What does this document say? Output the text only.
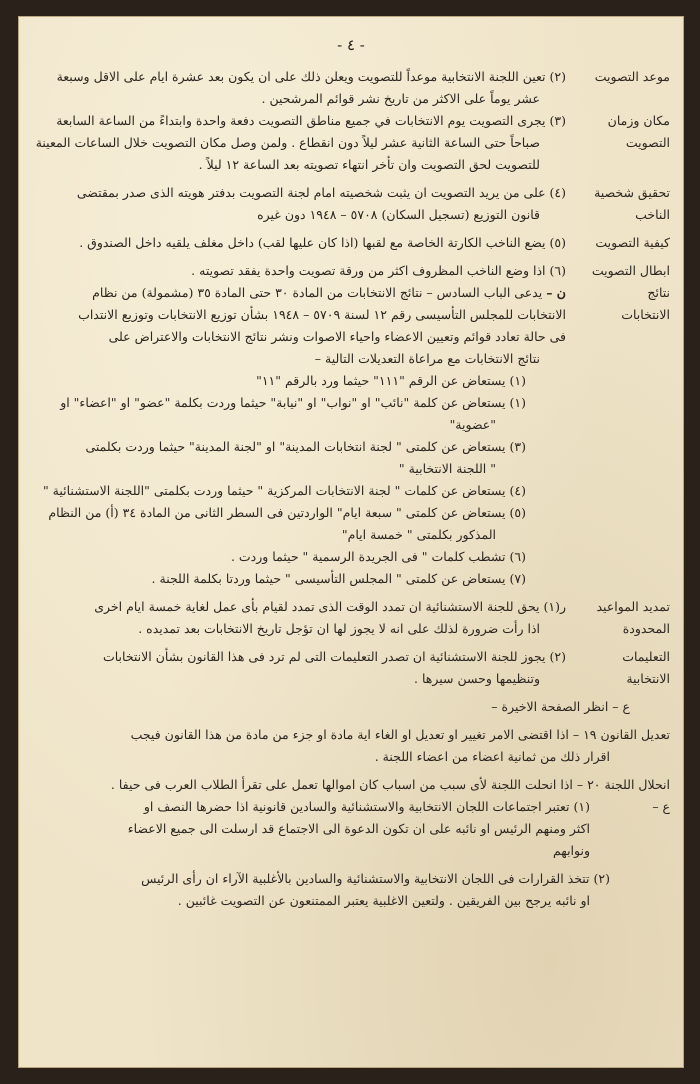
- ٤ -
موعد التصويت
(٢) تعين اللجنة الانتخابية موعداً للتصويت ويعلن ذلك على ان يكون بعد عشرة ايام على الاقل وسبعة
عشر يوماً على الاكثر من تاريخ نشر قوائم المرشحين .
مكان وزمان
التصويت
(٣) يجرى التصويت يوم الانتخابات في جميع مناطق التصويت دفعة واحدة وابتداءً من الساعة السابعة
صباحاً حتى الساعة الثانية عشر ليلاً دون انقطاع . ولمن وصل مكان التصويت خلال الساعات المعينة
للتصويت لحق التصويت وان تأخر انتهاء تصويته بعد الساعة ١٢ ليلاً .
تحقيق شخصية
الناخب
(٤) على من يريد التصويت ان يثبت شخصيته امام لجنة التصويت بدفتر هويته الذى صدر بمقتضى
قانون التوزيع (تسجيل السكان) ٥٧٠٨ – ١٩٤٨ دون غيره
كيفية التصويت
(٥) يضع الناخب الكارتة الخاصة مع لقبها (اذا كان عليها لقب) داخل مغلف يلقيه داخل الصندوق .
ابطال التصويت
(٦) اذا وضع الناخب المظروف اكثر من ورقة تصويت واحدة يفقد تصويته .
نتائج
الانتخابات
ن – يدعى الباب السادس – نتائج الانتخابات من المادة ٣٠ حتى المادة ٣٥ (مشمولة) من نظام
الانتخابات للمجلس التأسيسى رقم ١٢ لسنة ٥٧٠٩ – ١٩٤٨ بشأن توزيع الانتخابات وتوزيع الانتداب
فى حالة تعادد قوائم وتعيين الاعضاء واحياء الاصوات ونشر نتائج الانتخابات والاعتراض على
نتائج الانتخابات مع مراعاة التعديلات التالية –
(١) يستعاض عن الرقم "١١١" حيثما ورد بالرقم "١١"
(١) يستعاض عن كلمة "نائب" او "نواب" او "نيابة" حيثما وردت بكلمة "عضو" او "اعضاء" او
"عضوية"
(٣) يستعاض عن كلمتى " لجنة انتخابات المدينة" او "لجنة المدينة" حيثما وردت بكلمتى
" اللجنة الانتخابية "
(٤) يستعاض عن كلمات " لجنة الانتخابات المركزية " حيثما وردت بكلمتى "اللجنة الاستشنائية "
(٥) يستعاض عن كلمتى " سبعة ايام" الواردتين فى السطر الثانى من المادة ٣٤ (أ) من النظام
المذكور بكلمتى " خمسة ايام"
(٦) تشطب كلمات " فى الجريدة الرسمية " حيثما وردت .
(٧) يستعاض عن كلمتى " المجلس التأسيسى " حيثما وردتا بكلمة اللجنة .
تمديد المواعيد
المحدودة
ر(١) يحق للجنة الاستشنائية ان تمدد الوقت الذى تمدد لقيام بأى عمل لغاية خمسة ايام اخرى
اذا رأت ضرورة لذلك على انه لا يجوز لها ان تؤجل تاريخ الانتخابات بعد تمديده .
التعليمات
الانتخابية
(٢) يجوز للجنة الاستشنائية ان تصدر التعليمات التى لم ترد فى هذا القانون بشأن الانتخابات
وتنظيمها وحسن سيرها .
ع – انظر الصفحة الاخيرة –
تعديل القانون ١٩ – اذا اقتضى الامر تغيير او تعديل او الغاء اية مادة او جزء من مادة من هذا القانون فيجب
اقرار ذلك من ثمانية اعضاء من اعضاء اللجنة .
انحلال اللجنة ٢٠ – اذا انحلت اللجنة لأى سبب من اسباب كان اموالها تعمل على تقرأ الطلاب العرب فى حيفا .
ع –
(١) تعتبر اجتماعات اللجان الانتخابية والاستشنائية والسادين قانونية اذا حضرها النصف او
اكثر ومنهم الرئيس او نائبه على ان تكون الدعوة الى الاجتماع قد ارسلت الى جميع الاعضاء
ونوابهم
(٢) تتخذ القرارات فى اللجان الانتخابية والاستشنائية والسادين بالأغلبية الآراء ان رأى الرئيس
او نائبه يرجح بين الفريقين . ولتعين الاغلبية يعتبر الممتنعون عن التصويت غائبين .
